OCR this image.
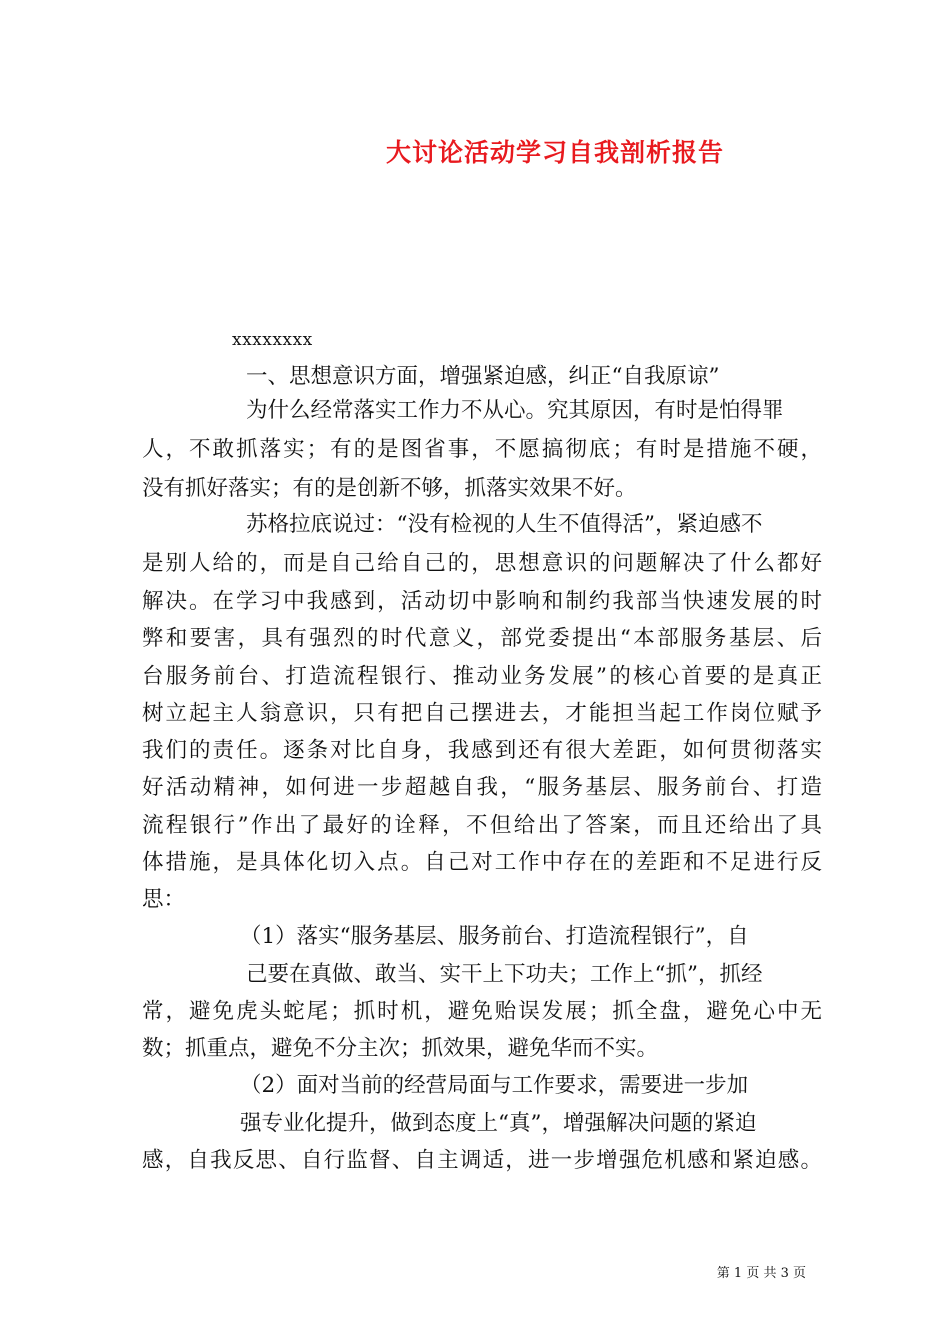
大讨论活动学习自我剖析报告

xxxxxxxx

一、思想意识方面，增强紧迫感，纠正“自我原谅”

为什么经常落实工作力不从心。究其原因，有时是怕得罪

人，不敢抓落实；有的是图省事，不愿搞彻底；有时是措施不硬，

没有抓好落实；有的是创新不够，抓落实效果不好。

苏格拉底说过：“没有检视的人生不值得活”，紧迫感不

是别人给的，而是自己给自己的，思想意识的问题解决了什么都好

解决。在学习中我感到，活动切中影响和制约我部当快速发展的时

弊和要害，具有强烈的时代意义，部党委提出“本部服务基层、后

台服务前台、打造流程银行、推动业务发展”的核心首要的是真正

树立起主人翁意识，只有把自己摆进去，才能担当起工作岗位赋予

我们的责任。逐条对比自身，我感到还有很大差距，如何贯彻落实

好活动精神，如何进一步超越自我，“服务基层、服务前台、打造

流程银行”作出了最好的诠释，不但给出了答案，而且还给出了具

体措施，是具体化切入点。自己对工作中存在的差距和不足进行反

思：

（1）落实“服务基层、服务前台、打造流程银行”，自

己要在真做、敢当、实干上下功夫；工作上“抓”，抓经

常，避免虎头蛇尾；抓时机，避免贻误发展；抓全盘，避免心中无

数；抓重点，避免不分主次；抓效果，避免华而不实。

（2）面对当前的经营局面与工作要求，需要进一步加

强专业化提升，做到态度上“真”，增强解决问题的紧迫

感，自我反思、自行监督、自主调适，进一步增强危机感和紧迫感。

第 1 页 共 3 页
